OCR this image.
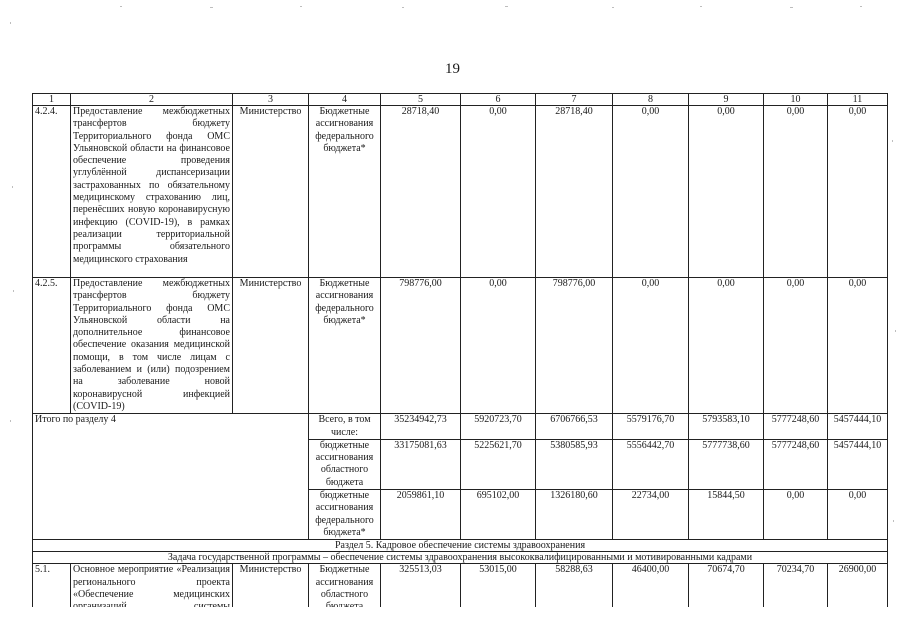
19
1	2	3	4	5	6	7	8	9	10	11
4.2.4.	Предоставление межбюджетных трансфертов бюджету Территориального фонда ОМС Ульяновской области на финансовое обеспечение проведения углублённой диспансеризации застрахованных по обязательному медицинскому страхованию лиц, перенёсших новую коронавирусную инфекцию (COVID-19), в рамках реализации территориальной программы обязательного медицинского страхования	Министерство	Бюджетные ассигнования федерального бюджета*	28718,40	0,00	28718,40	0,00	0,00	0,00	0,00
4.2.5.	Предоставление межбюджетных трансфертов бюджету Территориального фонда ОМС Ульяновской области на дополнительное финансовое обеспечение оказания медицинской помощи, в том числе лицам с заболеванием и (или) подозрением на заболевание новой коронавирусной инфекцией (COVID-19)	Министерство	Бюджетные ассигнования федерального бюджета*	798776,00	0,00	798776,00	0,00	0,00	0,00	0,00
Итого по разделу 4			Всего, в том числе:	35234942,73	5920723,70	6706766,53	5579176,70	5793583,10	5777248,60	5457444,10
			бюджетные ассигнования областного бюджета	33175081,63	5225621,70	5380585,93	5556442,70	5777738,60	5777248,60	5457444,10
			бюджетные ассигнования федерального бюджета*	2059861,10	695102,00	1326180,60	22734,00	15844,50	0,00	0,00
Раздел 5. Кадровое обеспечение системы здравоохранения										
Задача государственной программы – обеспечение системы здравоохранения высококвалифицированными и мотивированными кадрами										
5.1.	Основное мероприятие «Реализация регионального проекта «Обеспечение медицинских	Министерство	Бюджетные ассигнования областного	325513,03	53015,00	58288,63	46400,00	70674,70	70234,70	26900,00
